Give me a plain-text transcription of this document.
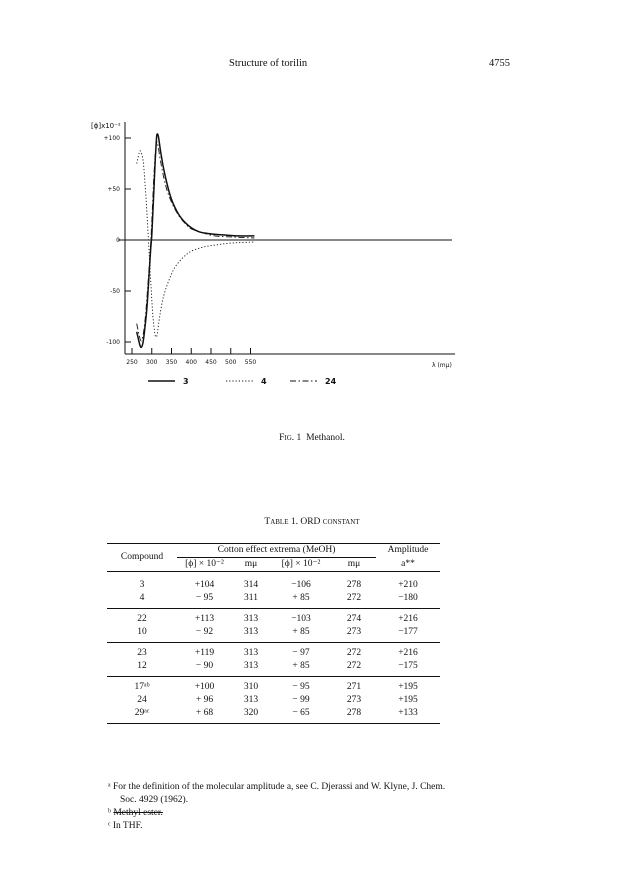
Structure of torilin	4755
+100
+50
0
-50
-100
250 300 350 400 450 500 550
[ϕ]x10⁻²
λ (mμ)
3	4	24
Fig. 1 Methanol.
Table 1. ORD constant
Compound	Cotton effect extrema (MeOH)				Amplitude
	[ϕ] × 10⁻²	mμ	[ϕ] × 10⁻²	mμ	a**
3	+104	314	−106	278	+210
4	− 95	311	+ 85	272	−180
22	+113	313	−103	274	+216
10	− 92	313	+ 85	273	−177
23	+119	313	− 97	272	+216
12	− 90	313	+ 85	272	−175
17ᵃᵇ	+100	310	− 95	271	+195
24	+ 96	313	− 99	273	+195
29ᵃᶜ	+ 68	320	− 65	278	+133
ᵃ For the definition of the molecular amplitude a, see C. Djerassi and W. Klyne, J. Chem. Soc. 4929 (1962).
ᵇ Methyl ester.
ᶜ In THF.
